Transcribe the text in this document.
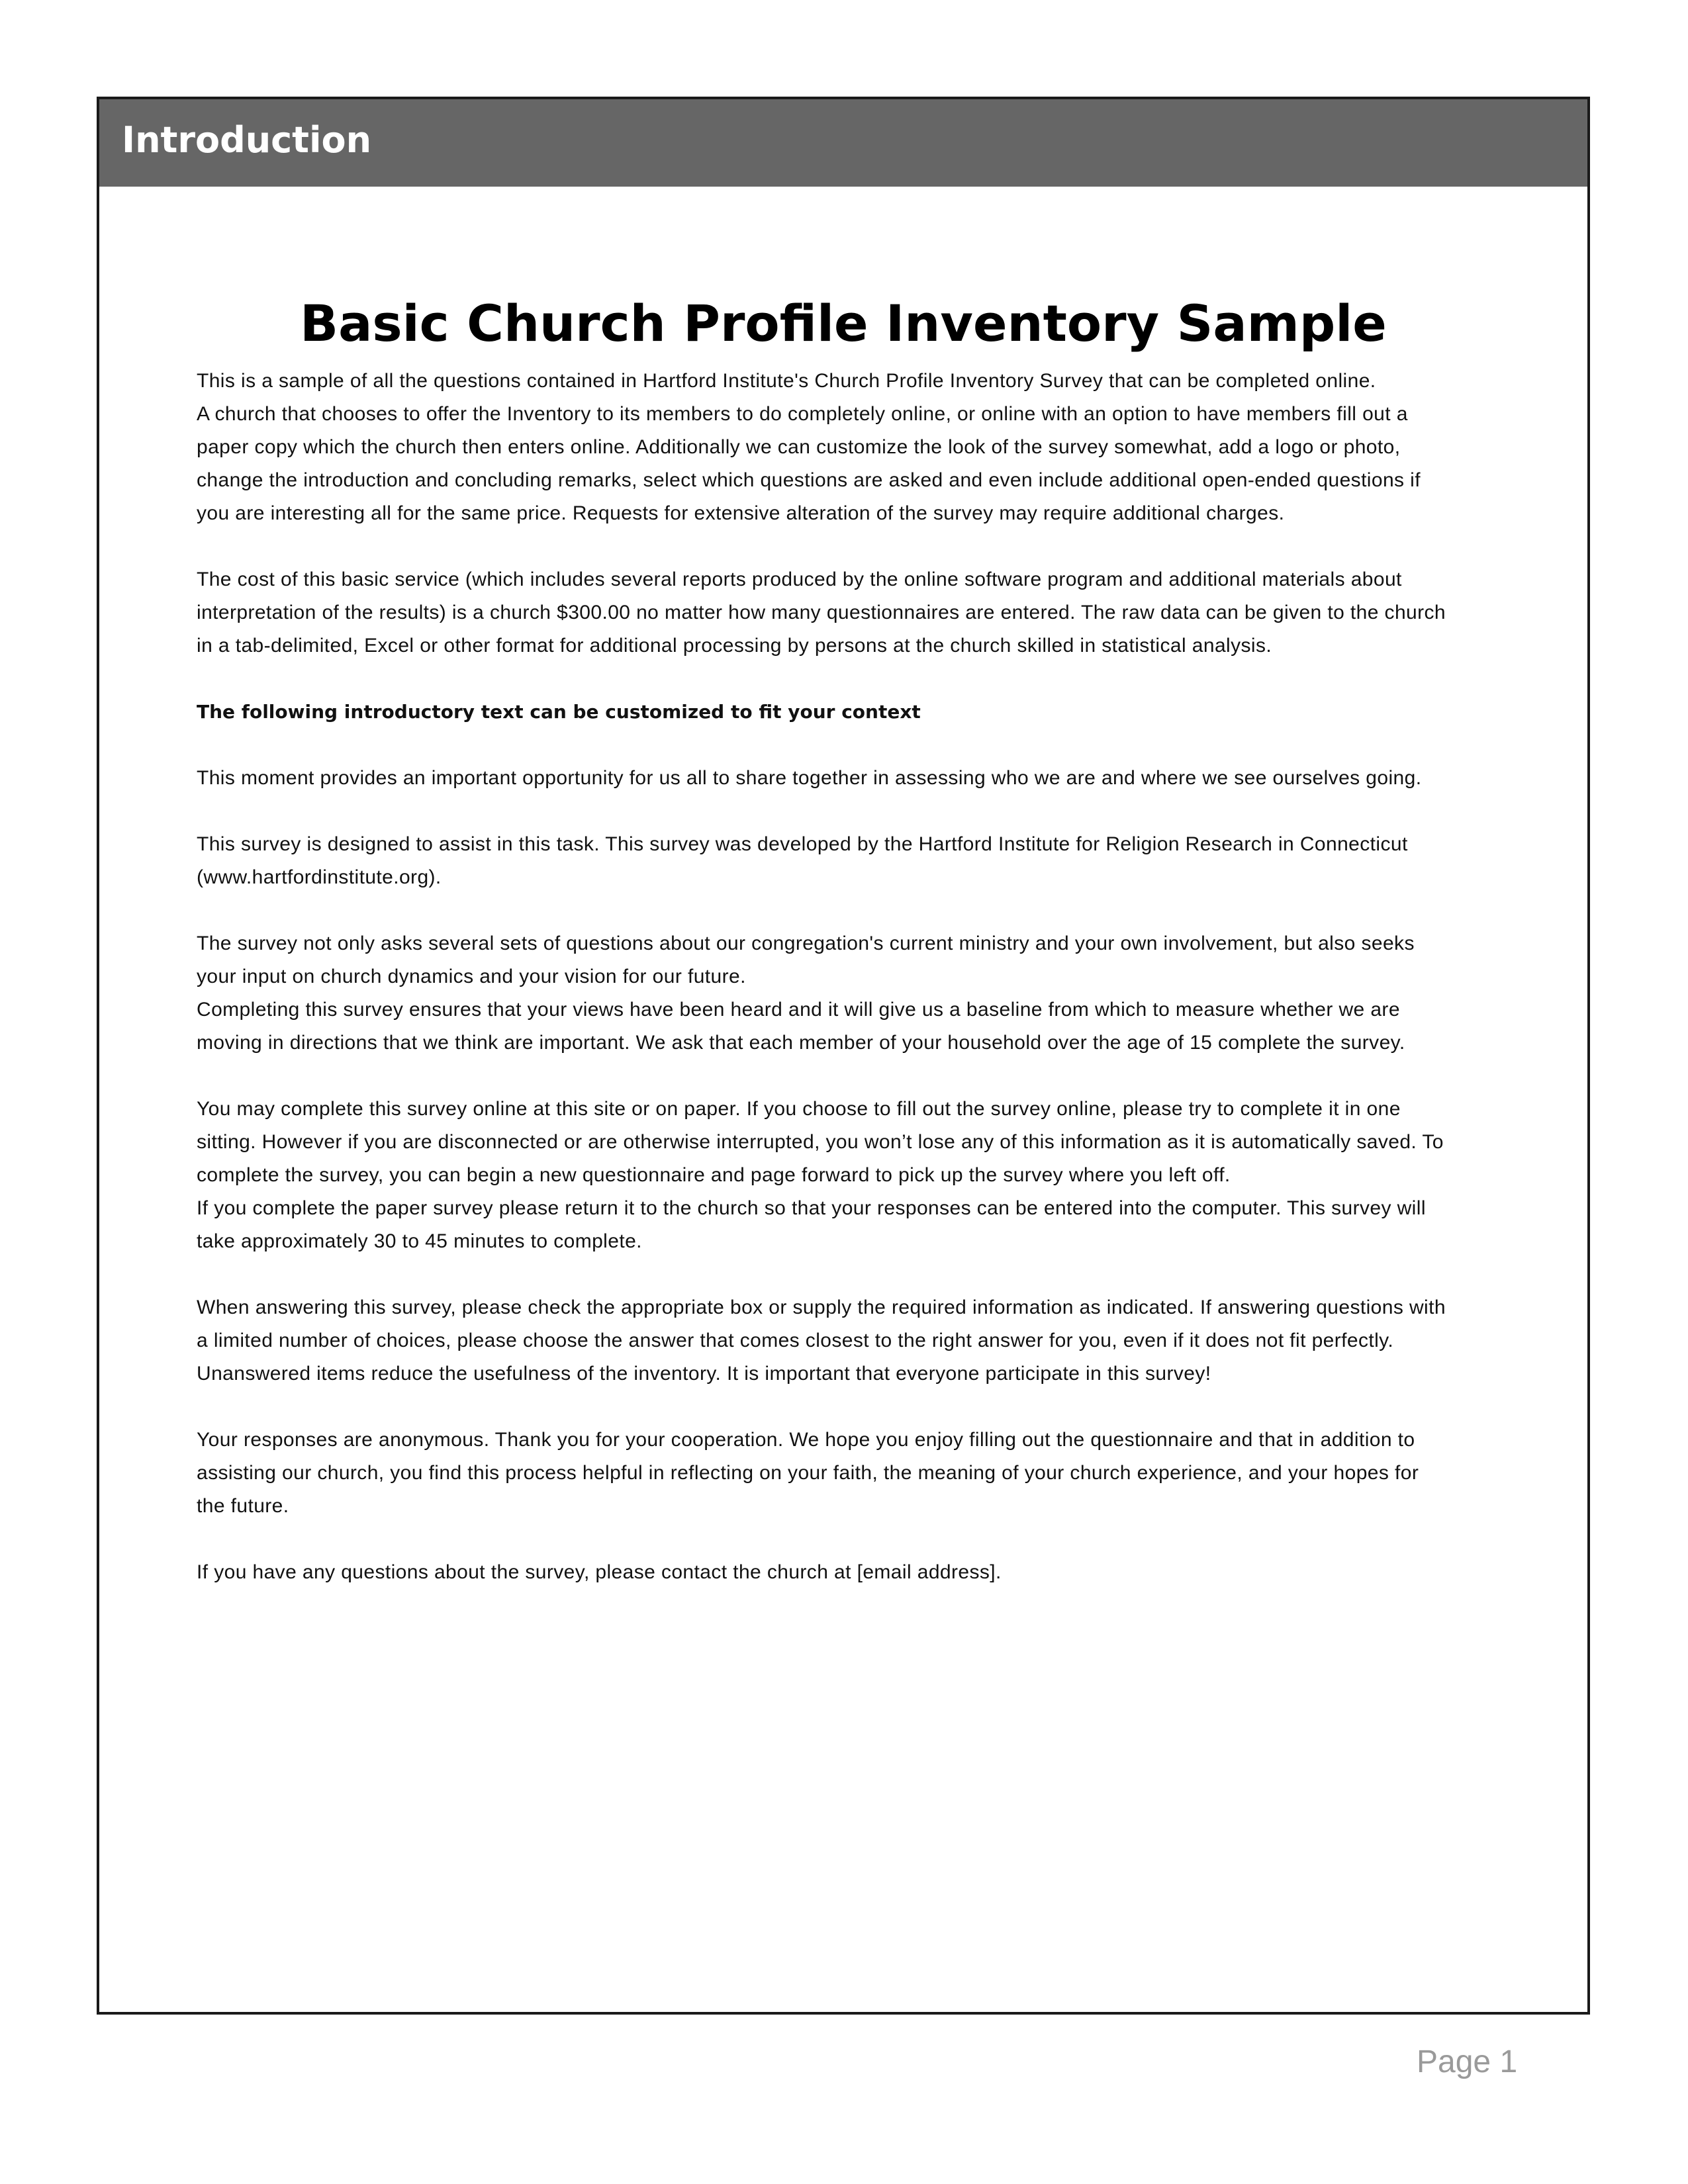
Introduction
Basic Church Profile Inventory Sample

This is a sample of all the questions contained in Hartford Institute's Church Profile Inventory Survey that can be completed online.
A church that chooses to offer the Inventory to its members to do completely online, or online with an option to have members fill out a paper copy which the church then enters online. Additionally we can customize the look of the survey somewhat, add a logo or photo, change the introduction and concluding remarks, select which questions are asked and even include additional open-ended questions if you are interesting all for the same price. Requests for extensive alteration of the survey may require additional charges.

The cost of this basic service (which includes several reports produced by the online software program and additional materials about interpretation of the results) is a church $300.00 no matter how many questionnaires are entered. The raw data can be given to the church in a tab-delimited, Excel or other format for additional processing by persons at the church skilled in statistical analysis.

The following introductory text can be customized to fit your context

This moment provides an important opportunity for us all to share together in assessing who we are and where we see ourselves going.

This survey is designed to assist in this task. This survey was developed by the Hartford Institute for Religion Research in Connecticut (www.hartfordinstitute.org).

The survey not only asks several sets of questions about our congregation's current ministry and your own involvement, but also seeks your input on church dynamics and your vision for our future.
Completing this survey ensures that your views have been heard and it will give us a baseline from which to measure whether we are moving in directions that we think are important. We ask that each member of your household over the age of 15 complete the survey.

You may complete this survey online at this site or on paper. If you choose to fill out the survey online, please try to complete it in one sitting. However if you are disconnected or are otherwise interrupted, you won’t lose any of this information as it is automatically saved. To complete the survey, you can begin a new questionnaire and page forward to pick up the survey where you left off.
If you complete the paper survey please return it to the church so that your responses can be entered into the computer. This survey will take approximately 30 to 45 minutes to complete.

When answering this survey, please check the appropriate box or supply the required information as indicated. If answering questions with a limited number of choices, please choose the answer that comes closest to the right answer for you, even if it does not fit perfectly. Unanswered items reduce the usefulness of the inventory. It is important that everyone participate in this survey!

Your responses are anonymous. Thank you for your cooperation. We hope you enjoy filling out the questionnaire and that in addition to assisting our church, you find this process helpful in reflecting on your faith, the meaning of your church experience, and your hopes for the future.

If you have any questions about the survey, please contact the church at [email address].

Page 1
